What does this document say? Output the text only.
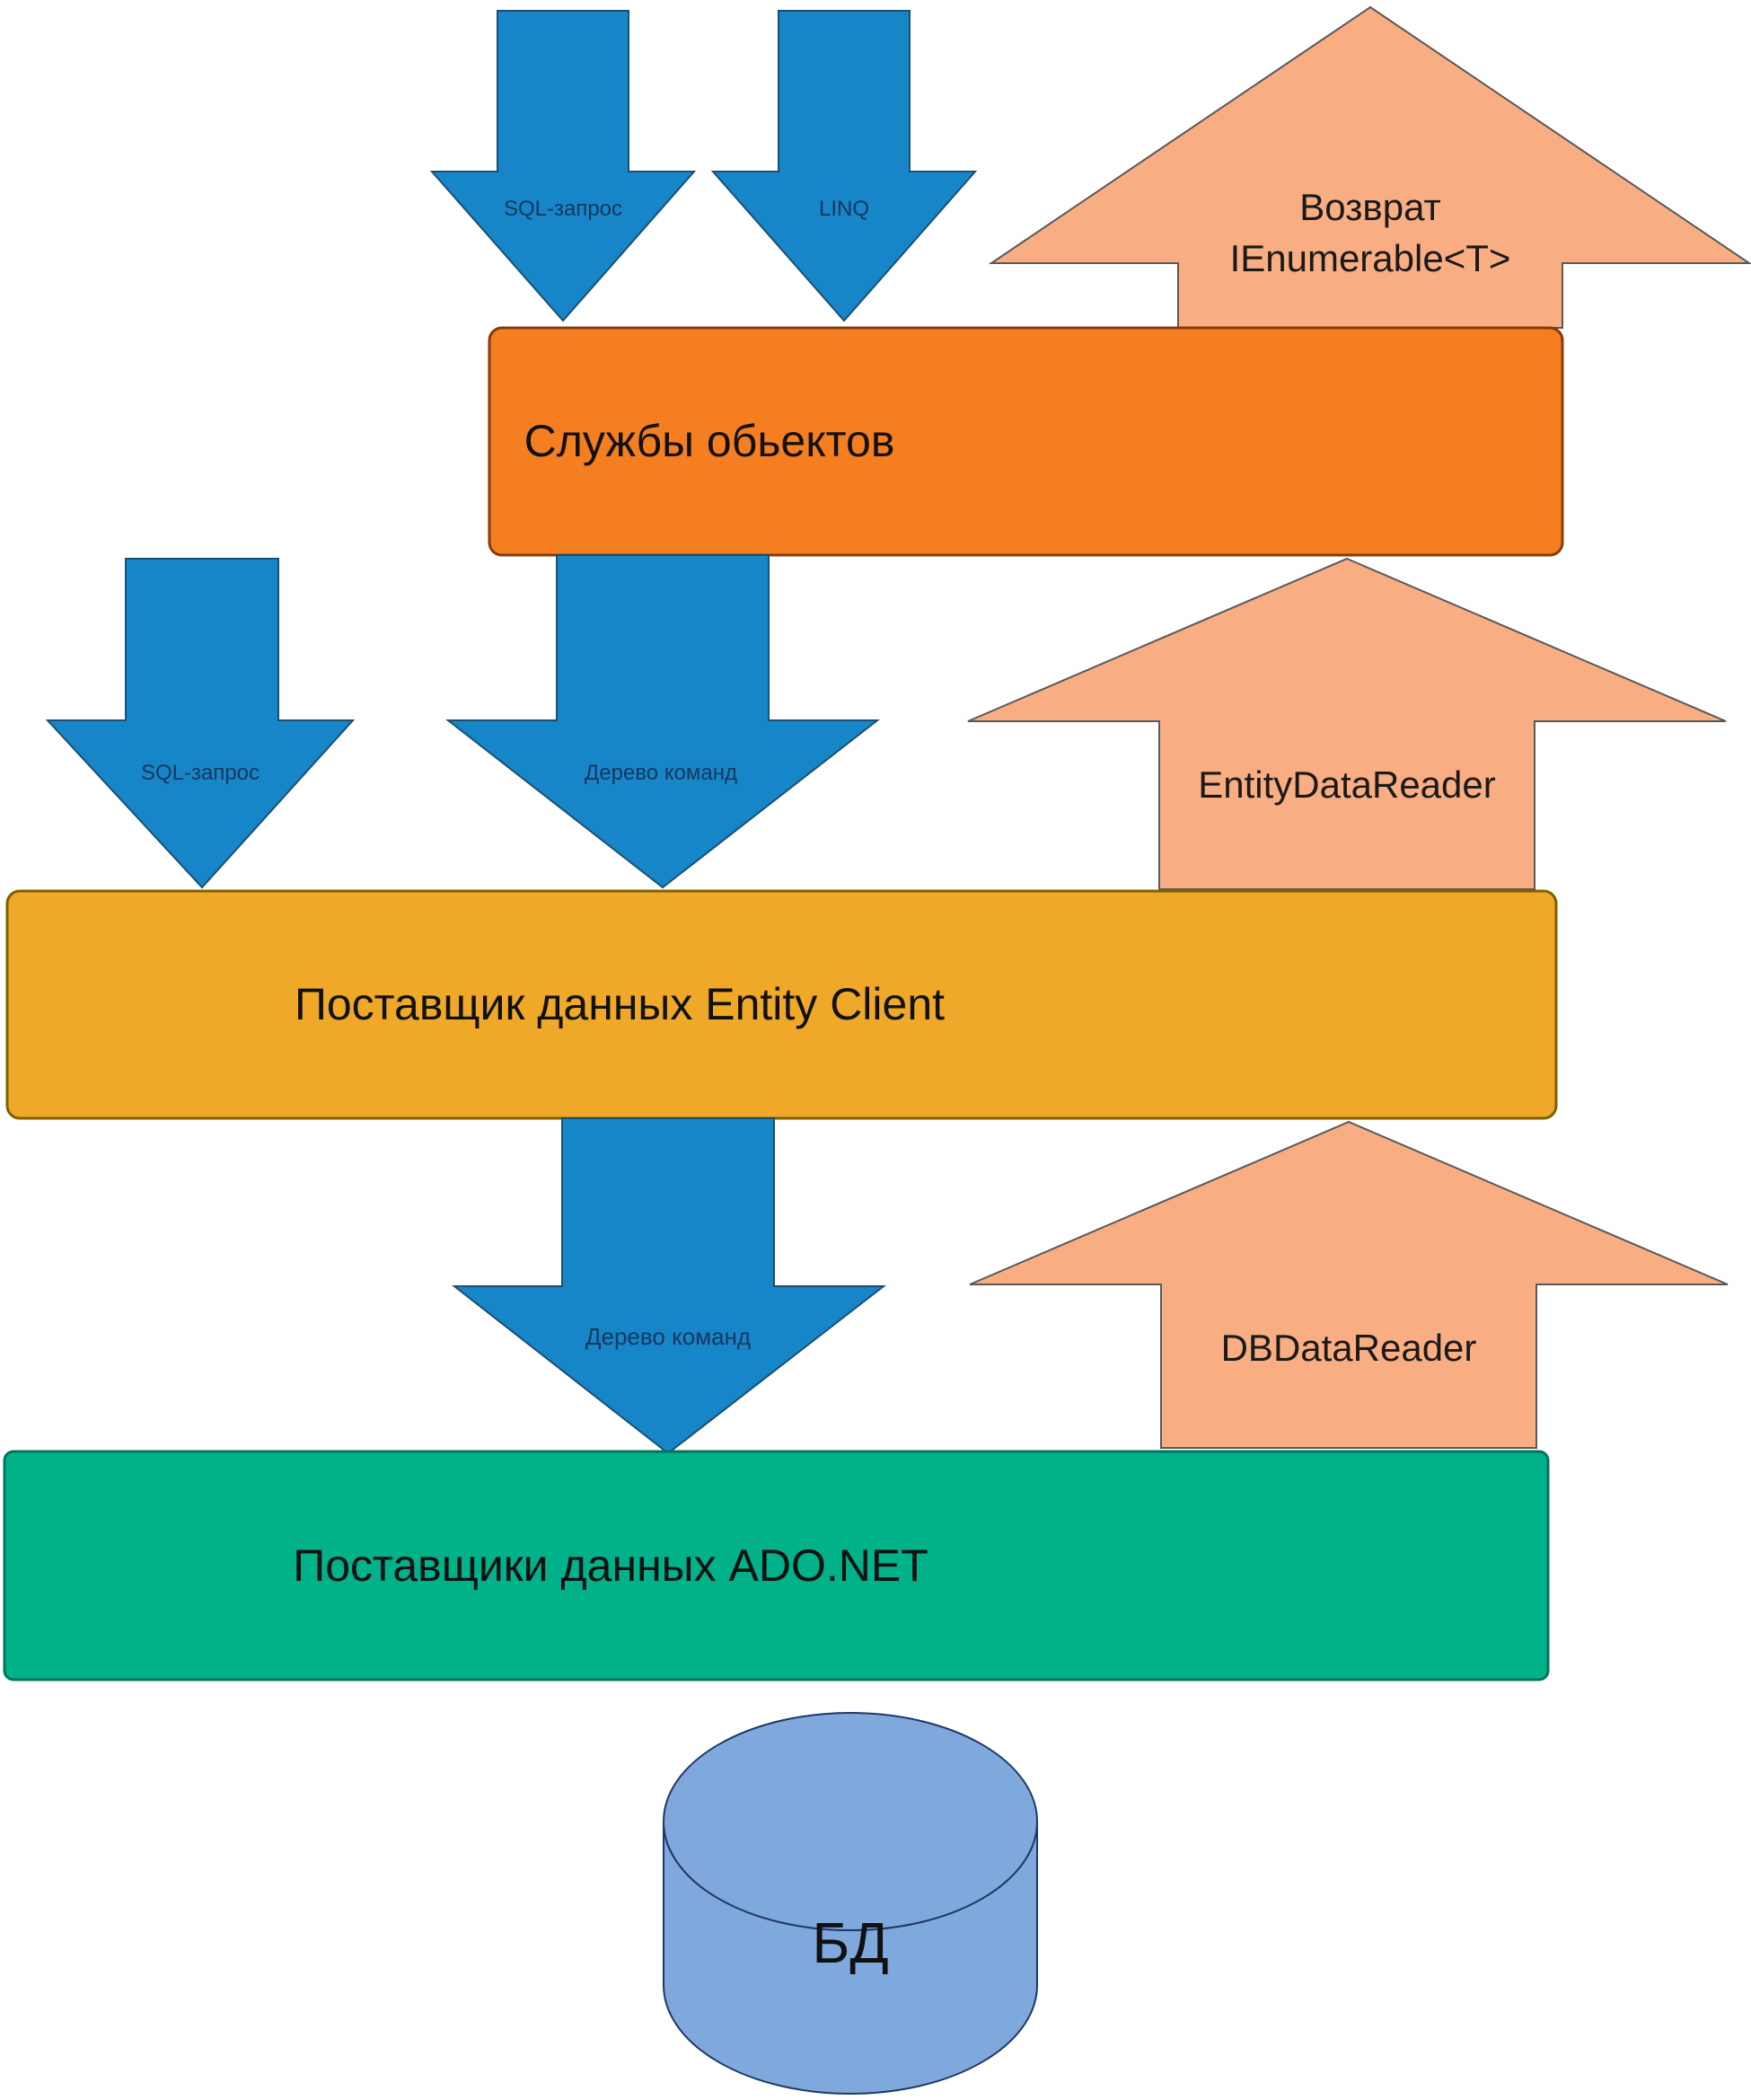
SQL-запрос	LINQ	Возврат
IEnumerable<T>
Службы обьектов
SQL-запрос	Дерево команд	EntityDataReader
Поставщик данных Entity Client
Дерево команд	DBDataReader
Поставщики данных ADO.NET
БД
